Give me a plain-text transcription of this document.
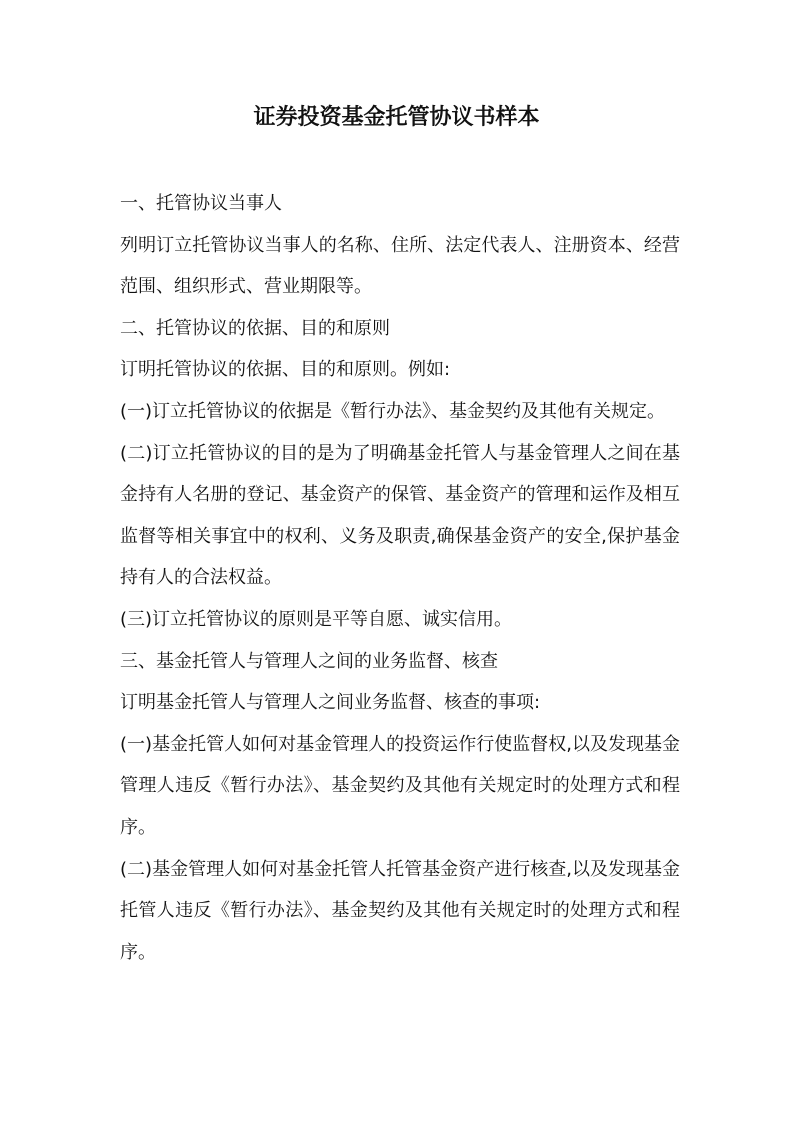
证券投资基金托管协议书样本

一、托管协议当事人

列明订立托管协议当事人的名称、住所、法定代表人、注册资本、经营范围、组织形式、营业期限等。

二、托管协议的依据、目的和原则

订明托管协议的依据、目的和原则。例如:

(一)订立托管协议的依据是《暂行办法》、基金契约及其他有关规定。

(二)订立托管协议的目的是为了明确基金托管人与基金管理人之间在基金持有人名册的登记、基金资产的保管、基金资产的管理和运作及相互监督等相关事宜中的权利、义务及职责,确保基金资产的安全,保护基金持有人的合法权益。

(三)订立托管协议的原则是平等自愿、诚实信用。

三、基金托管人与管理人之间的业务监督、核查

订明基金托管人与管理人之间业务监督、核查的事项:

(一)基金托管人如何对基金管理人的投资运作行使监督权,以及发现基金管理人违反《暂行办法》、基金契约及其他有关规定时的处理方式和程序。

(二)基金管理人如何对基金托管人托管基金资产进行核查,以及发现基金托管人违反《暂行办法》、基金契约及其他有关规定时的处理方式和程序。
